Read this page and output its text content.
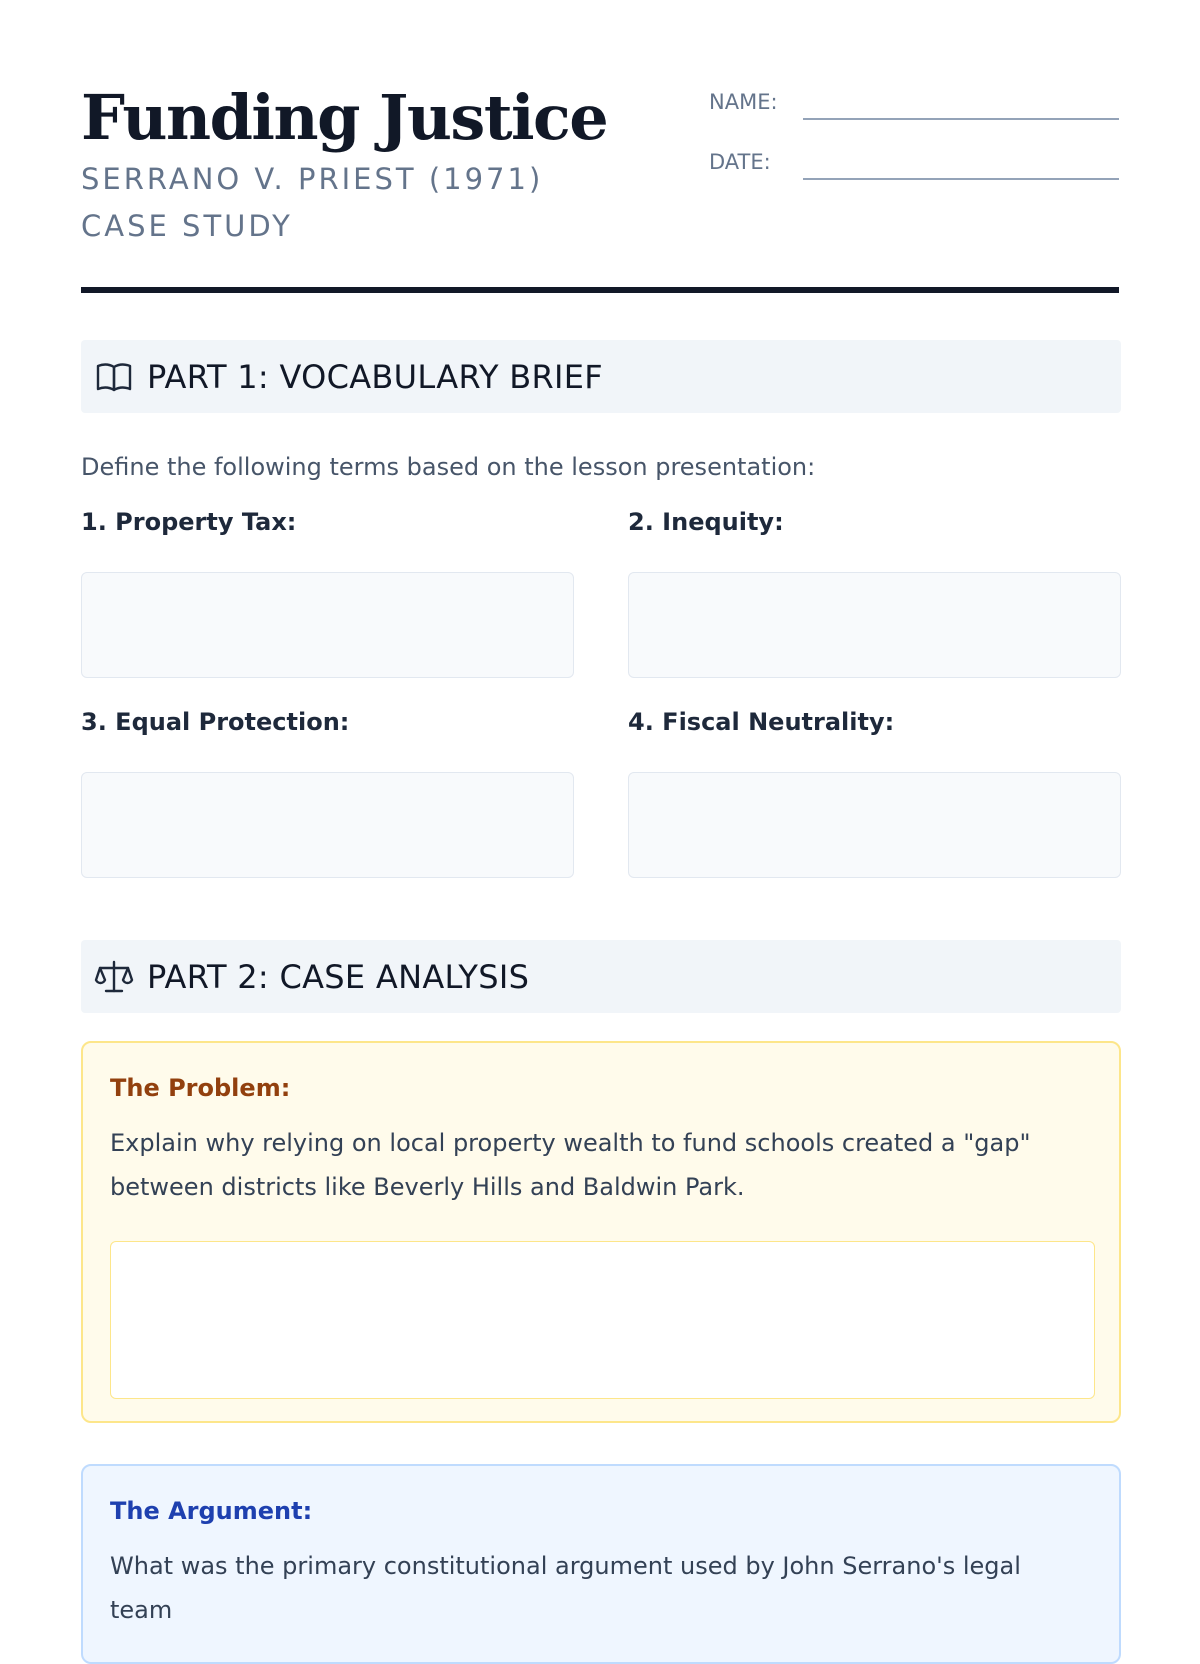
Funding Justice
SERRANO V. PRIEST (1971) CASE STUDY
NAME:
DATE:
PART 1: VOCABULARY BRIEF
Define the following terms based on the lesson presentation:
1. Property Tax:	2. Inequity:
3. Equal Protection:	4. Fiscal Neutrality:
PART 2: CASE ANALYSIS
The Problem:
Explain why relying on local property wealth to fund schools created a "gap" between districts like Beverly Hills and Baldwin Park.
The Argument:
What was the primary constitutional argument used by John Serrano's legal team
